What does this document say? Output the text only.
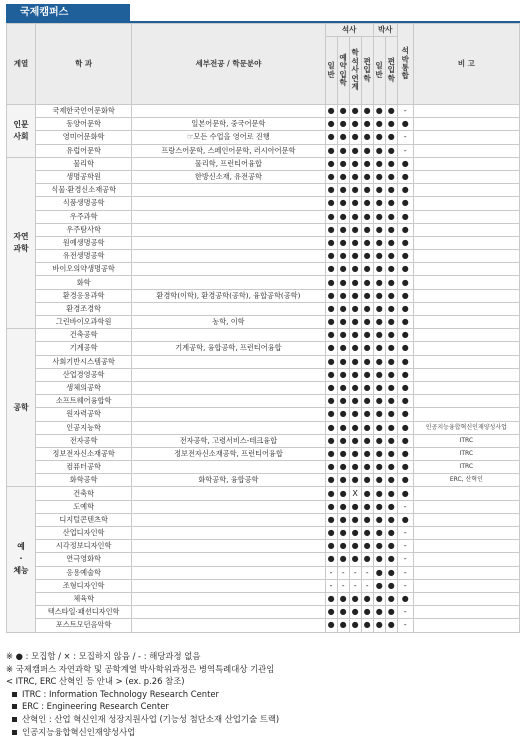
국제캠퍼스
계열	학 과	세부전공 / 학문분야	석사				박사		석박통합	비 고
			일반	예약입학	학석사연계	편입학	일반	편입학		
인문
사회	국제한국언어문화학		●	●	●	●	●	●	-	
	동양어문학	일본어문학, 중국어문학	●	●	●	●	●	●	●	
	영미어문화학	☞모든 수업을 영어로 진행	●	●	●	●	●	●	-	
	유럽어문학	프랑스어문학, 스페인어문학, 러시아어문학	●	●	●	●	●	●	-	
자연
과학	물리학	물리학, 프런티어융합	●	●	●	●	●	●	●	
	생명공학원	한방신소재, 유전공학	●	●	●	●	●	●	●	
	식물·환경신소재공학		●	●	●	●	●	●	●	
	식품생명공학		●	●	●	●	●	●	●	
	우주과학		●	●	●	●	●	●	●	
	우주탐사학		●	●	●	●	●	●	●	
	원예생명공학		●	●	●	●	●	●	●	
	유전생명공학		●	●	●	●	●	●	●	
	바이오의약생명공학		●	●	●	●	●	●	●	
	화학		●	●	●	●	●	●	●	
	환경응용과학	환경학(이학), 환경공학(공학), 융합공학(공학)	●	●	●	●	●	●	●	
	환경조경학		●	●	●	●	●	●	●	
	그린바이오과학원	농학, 이학	●	●	●	●	●	●	●	
공학	건축공학		●	●	●	●	●	●	●	
	기계공학	기계공학, 융합공학, 프런티어융합	●	●	●	●	●	●	●	
	사회기반시스템공학		●	●	●	●	●	●	●	
	산업경영공학		●	●	●	●	●	●	●	
	생체의공학		●	●	●	●	●	●	●	
	소프트웨어융합학		●	●	●	●	●	●	●	
	원자력공학		●	●	●	●	●	●	●	
	인공지능학		●	●	●	●	●	●	●	인공지능융합혁신인재양성사업
	전자공학	전자공학, 고령서비스-테크융합	●	●	●	●	●	●	●	ITRC
	정보전자신소재공학	정보전자신소재공학, 프런티어융합	●	●	●	●	●	●	●	ITRC
	컴퓨터공학		●	●	●	●	●	●	●	ITRC
	화학공학	화학공학, 융합공학	●	●	●	●	●	●	●	ERC, 산혁인
예
·
체능	건축학		●	●	X	●	●	●	●	
	도예학		●	●	●	●	●	●	-	
	디지털콘텐츠학		●	●	●	●	●	●	●	
	산업디자인학		●	●	●	●	●	●	-	
	시각정보디자인학		●	●	●	●	●	●	-	
	연극영화학		●	●	●	●	●	●	-	
	응용예술학		-	-	-	-	●	●	-	
	조형디자인학		-	-	-	-	●	●	-	
	체육학		●	●	●	●	●	●	●	
	텍스타일·패션디자인학		●	●	●	●	●	●	-	
	포스트모던음악학		●	●	●	●	●	●	-	
※ ● : 모집함 / × : 모집하지 않음 / - : 해당과정 없음
※ 국제캠퍼스 자연과학 및 공학계열 박사학위과정은 병역특례대상 기관임
< ITRC, ERC 산혁인 등 안내 > (ex. p.26 참조)
ITRC : Information Technology Research Center
ERC : Engineering Research Center
산혁인 : 산업 혁신인재 성장지원사업 (기능성 첨단소재 산업기술 트랙)
인공지능융합혁신인재양성사업
